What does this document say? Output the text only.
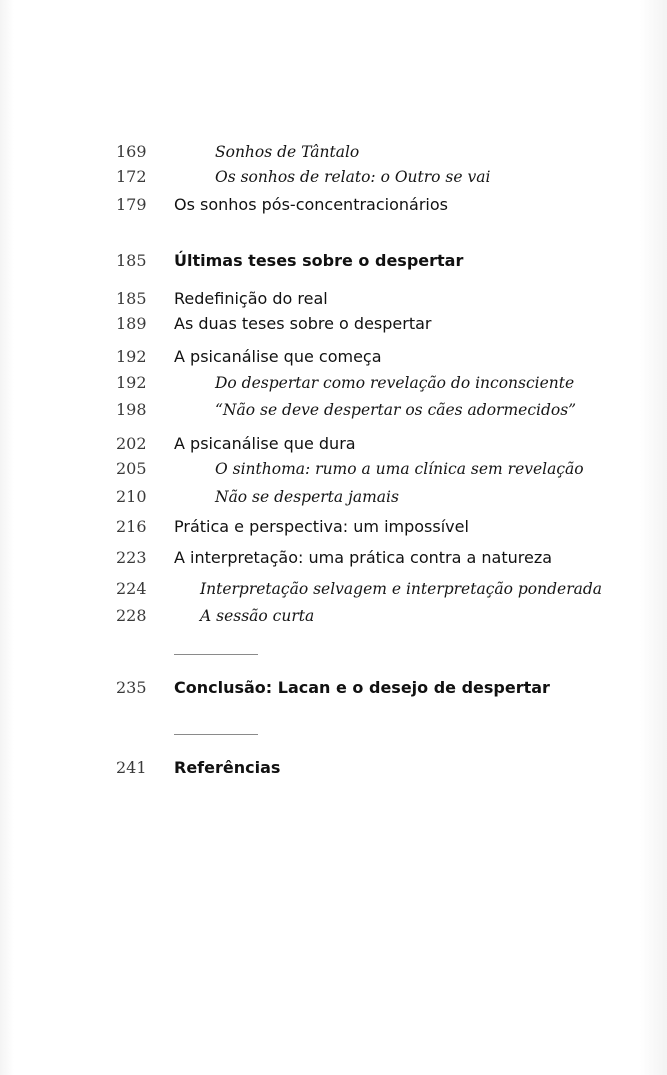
169	Sonhos de Tântalo
172	Os sonhos de relato: o Outro se vai
179 Os sonhos pós-concentracionários
185 Últimas teses sobre o despertar
185 Redefinição do real
189 As duas teses sobre o despertar
192 A psicanálise que começa
192	Do despertar como revelação do inconsciente
198	“Não se deve despertar os cães adormecidos”
202 A psicanálise que dura
205	O sinthoma: rumo a uma clínica sem revelação
210	Não se desperta jamais
216 Prática e perspectiva: um impossível
223 A interpretação: uma prática contra a natureza
224	Interpretação selvagem e interpretação ponderada
228	A sessão curta
235 Conclusão: Lacan e o desejo de despertar
241 Referências
